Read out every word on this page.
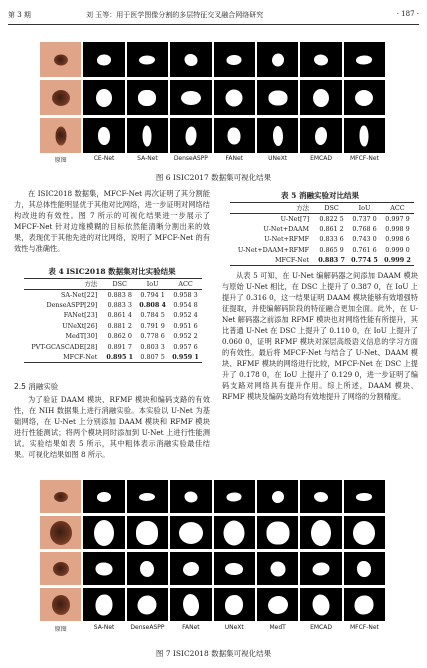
第 3 期	刘 玉等：用于医学图像分割的多层特征交叉融合网络研究	· 187 ·
原图	CE-Net	SA-Net	DenseASPP	FANet	UNeXt	EMCAD	MFCF-Net
图 6 ISIC2017 数据集可视化结果

在 ISIC2018 数据集，MFCF-Net 再次证明了其分割能力，其总体性能明显优于其他对比网络，进一步证明对网络结构改进的有效性。图 7 所示的可视化结果进一步展示了 MFCF-Net 针对边缘模糊的目标依然能清晰分割出来的效果，表现优于其他先进的对比网络，说明了 MFCF-Net 的有效性与准确性。

表 4 ISIC2018 数据集对比实验结果
方法	DSC	IoU	ACC
SA-Net[22]	0.883 8	0.794 1	0.958 3
DenseASPP[29]	0.883 3	0.808 4	0.954 8
FANet[23]	0.861 4	0.784 5	0.952 4
UNeXt[26]	0.881 2	0.791 9	0.951 6
MedT[30]	0.862 0	0.778 6	0.952 2
PVT-GCASCADE[28]	0.891 7	0.803 3	0.957 6
MFCF-Net	0.895 1	0.807 5	0.959 1
2.5 消融实验

为了验证 DAAM 模块、RFMF 模块和编码支路的有效性，在 NIH 数据集上进行消融实验。本实验以 U-Net 为基础网络，在 U-Net 上分别添加 DAAM 模块和 RFMF 模块进行性能测试；将两个模块同时添加到 U-Net 上进行性能测试。实验结果如表 5 所示，其中粗体表示消融实验最佳结果。可视化结果如图 8 所示。

表 5 消融实验对比结果
方法	DSC	IoU	ACC
U-Net[7]	0.822 5	0.737 0	0.997 9
U-Net+DAAM	0.861 2	0.768 6	0.998 9
U-Net+RFMF	0.833 6	0.743 0	0.998 6
U-Net+DAAM+RFMF	0.865 9	0.761 6	0.999 0
MFCF-Net	0.883 7	0.774 5	0.999 2

从表 5 可知，在 U-Net 编解码器之间添加 DAAM 模块与原始 U-Net 相比，在 DSC 上提升了 0.387 0，在 IoU 上提升了 0.316 0，这一结果证明 DAAM 模块能够有效增强特征提取，并使编解码阶段的特征融合更加全面。此外，在 U-Net 解码器之前添加 RFMF 模块也对网络性能有所提升，其比普通 U-Net 在 DSC 上提升了 0.110 0，在 IoU 上提升了 0.060 0，证明 RFMF 模块对深层高级语义信息的学习方面的有效性。最后将 MFCF-Net 与结合了 U-Net、DAAM 模块、RFMF 模块的网络进行比较，MFCF-Net 在 DSC 上提升了 0.178 0，在 IoU 上提升了 0.129 0，进一步证明了编码支路对网络具有提升作用。综上所述，DAAM 模块、RFMF 模块及编码支路均有效地提升了网络的分割精度。

原图	SA-Net	DenseASPP	FANet	UNeXt	MedT	EMCAD	MFCF-Net
图 7 ISIC2018 数据集可视化结果
